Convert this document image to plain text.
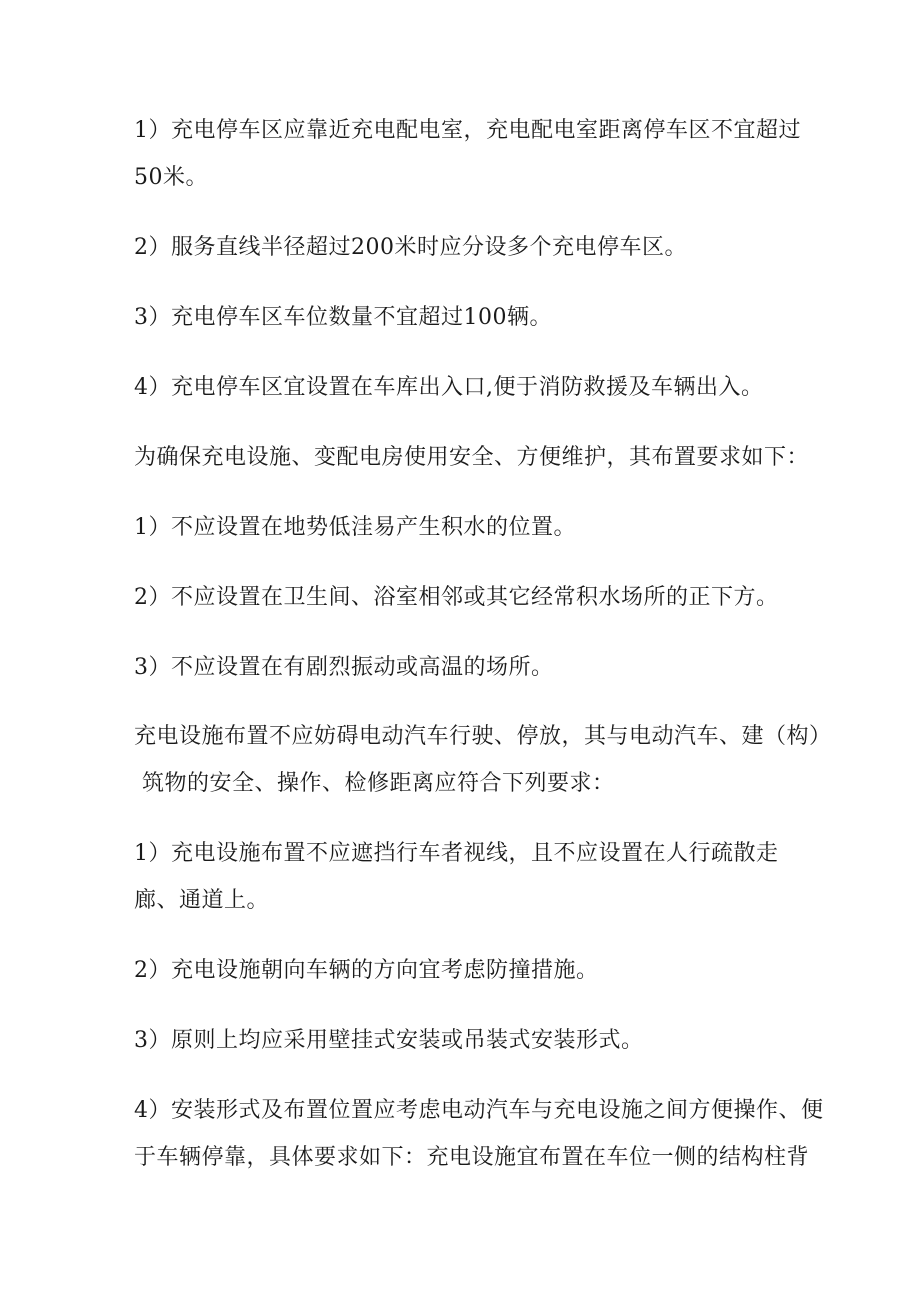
1）充电停车区应靠近充电配电室，充电配电室距离停车区不宜超过
50米。
2）服务直线半径超过200米时应分设多个充电停车区。
3）充电停车区车位数量不宜超过100辆。
4）充电停车区宜设置在车库出入口,便于消防救援及车辆出入。
为确保充电设施、变配电房使用安全、方便维护，其布置要求如下：
1）不应设置在地势低洼易产生积水的位置。
2）不应设置在卫生间、浴室相邻或其它经常积水场所的正下方。
3）不应设置在有剧烈振动或高温的场所。
充电设施布置不应妨碍电动汽车行驶、停放，其与电动汽车、建（构）
筑物的安全、操作、检修距离应符合下列要求：
1）充电设施布置不应遮挡行车者视线，且不应设置在人行疏散走
廊、通道上。
2）充电设施朝向车辆的方向宜考虑防撞措施。
3）原则上均应采用壁挂式安装或吊装式安装形式。
4）安装形式及布置位置应考虑电动汽车与充电设施之间方便操作、便
于车辆停靠，具体要求如下：充电设施宜布置在车位一侧的结构柱背
